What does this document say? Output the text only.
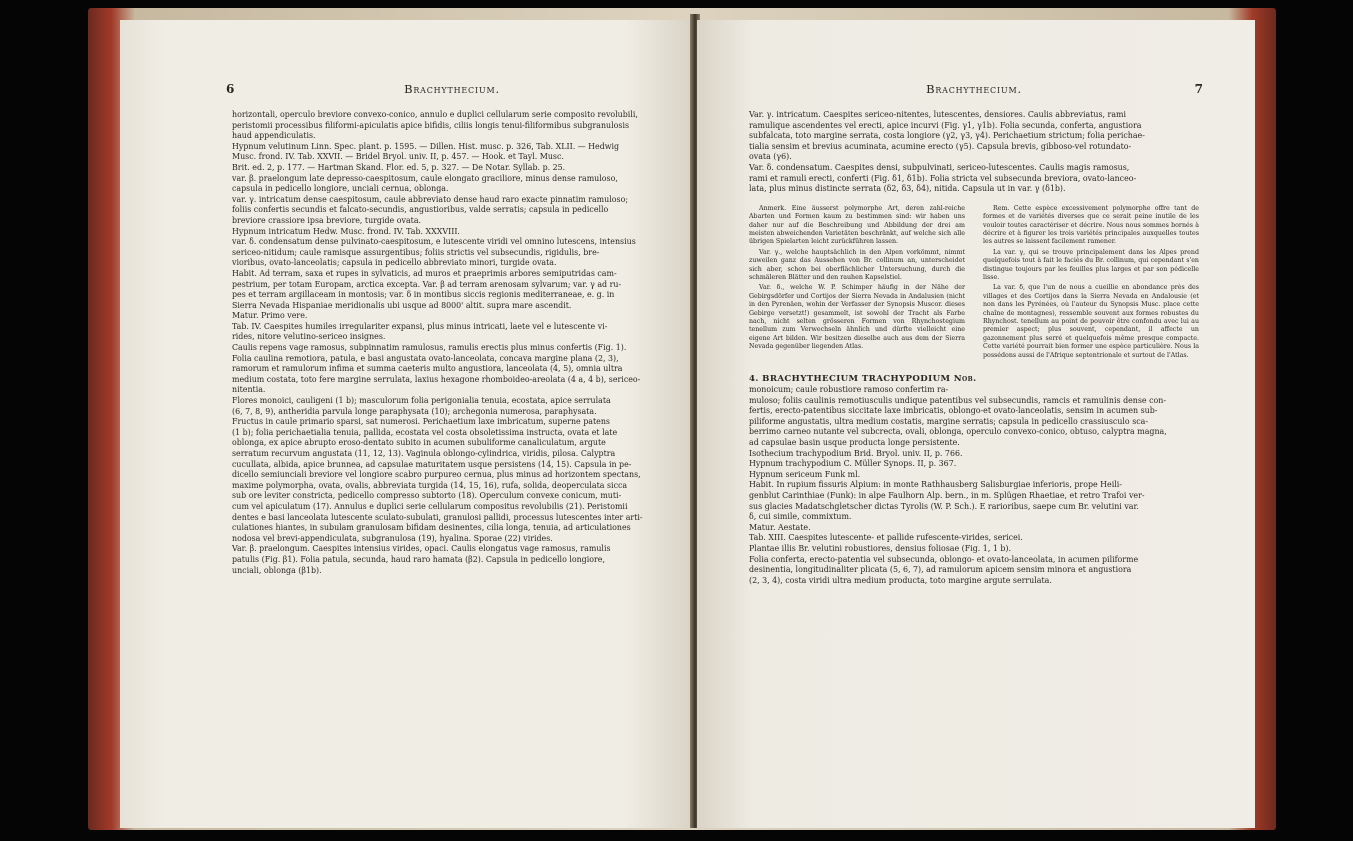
6	Brachythecium.

horizontali, operculo breviore convexo-conico, annulo e duplici cellularum serie composito revolubili,

peristomii processibus filiformi-apiculatis apice bifidis, ciliis longis tenui-filiformibus subgranulosis

haud appendiculatis.

Hypnum velutinum Linn. Spec. plant. p. 1595. — Dillen. Hist. musc. p. 326, Tab. XLII. — Hedwig

Musc. frond. IV. Tab. XXVII. — Bridel Bryol. univ. II, p. 457. — Hook. et Tayl. Musc.

Brit. ed. 2, p. 177. — Hartman Skand. Flor. ed. 5, p. 327. — De Notar. Syllab. p. 25.

var. β. praelongum late depresso-caespitosum, caule elongato graciliore, minus dense ramuloso,

capsula in pedicello longiore, unciali cernua, oblonga.

var. γ. intricatum dense caespitosum, caule abbreviato dense haud raro exacte pinnatim ramuloso;

foliis confertis secundis et falcato-secundis, angustioribus, valde serratis; capsula in pedicello

breviore crassiore ipsa breviore, turgide ovata.

Hypnum intricatum Hedw. Musc. frond. IV. Tab. XXXVIII.

var. δ. condensatum dense pulvinato-caespitosum, e lutescente viridi vel omnino lutescens, intensius

sericeo-nitidum; caule ramisque assurgentibus; foliis strictis vel subsecundis, rigidulis, bre-

vioribus, ovato-lanceolatis; capsula in pedicello abbreviato minori, turgide ovata.

Habit. Ad terram, saxa et rupes in sylvaticis, ad muros et praeprimis arbores semiputridas cam-

pestrium, per totam Europam, arctica excepta. Var. β ad terram arenosam sylvarum; var. γ ad ru-

pes et terram argillaceam in montosis; var. δ in montibus siccis regionis mediterraneae, e. g. in

Sierra Nevada Hispaniae meridionalis ubi usque ad 8000' altit. supra mare ascendit.

Matur. Primo vere.

Tab. IV. Caespites humiles irregulariter expansi, plus minus intricati, laete vel e lutescente vi-

rides, nitore velutino-sericeo insignes.

Caulis repens vage ramosus, subpinnatim ramulosus, ramulis erectis plus minus confertis (Fig. 1).

Folia caulina remotiora, patula, e basi angustata ovato-lanceolata, concava margine plana (2, 3),

ramorum et ramulorum infima et summa caeteris multo angustiora, lanceolata (4, 5), omnia ultra

medium costata, toto fere margine serrulata, laxius hexagone rhomboideo-areolata (4 a, 4 b), sericeo-

nitentia.

Flores monoici, cauligeni (1 b); masculorum folia perigonialia tenuia, ecostata, apice serrulata

(6, 7, 8, 9), antheridia parvula longe paraphysata (10); archegonia numerosa, paraphysata.

Fructus in caule primario sparsi, sat numerosi. Perichaetium laxe imbricatum, superne patens

(1 b); folia perichaetialia tenuia, pallida, ecostata vel costa obsoletissima instructa, ovata et late

oblonga, ex apice abrupto eroso-dentato subito in acumen subuliforme canaliculatum, argute

serratum recurvum angustata (11, 12, 13). Vaginula oblongo-cylindrica, viridis, pilosa. Calyptra

cucullata, albida, apice brunnea, ad capsulae maturitatem usque persistens (14, 15). Capsula in pe-

dicello semiunciali breviore vel longiore scabro purpureo cernua, plus minus ad horizontem spectans,

maxime polymorpha, ovata, ovalis, abbreviata turgida (14, 15, 16), rufa, solida, deoperculata sicca

sub ore leviter constricta, pedicello compresso subtorto (18). Operculum convexe conicum, muti-

cum vel apiculatum (17). Annulus e duplici serie cellularum compositus revolubilis (21). Peristomii

dentes e basi lanceolata lutescente sculato-subulati, granulosi pallidi, processus lutescentes inter arti-

culationes hiantes, in subulam granulosam bifidam desinentes, cilia longa, tenuia, ad articulationes

nodosa vel brevi-appendiculata, subgranulosa (19), hyalina. Sporae (22) virides.

Var. β. praelongum. Caespites intensius virides, opaci. Caulis elongatus vage ramosus, ramulis

patulis (Fig. β1). Folia patula, secunda, haud raro hamata (β2). Capsula in pedicello longiore,

unciali, oblonga (β1b).

Brachythecium.	7

Var. γ. intricatum. Caespites sericeo-nitentes, lutescentes, densiores. Caulis abbreviatus, rami

ramulique ascendentes vel erecti, apice incurvi (Fig. γ1, γ1b). Folia secunda, conferta, angustiora

subfalcata, toto margine serrata, costa longiore (γ2, γ3, γ4). Perichaetium strictum; folia perichae-

tialia sensim et brevius acuminata, acumine erecto (γ5). Capsula brevis, gibboso-vel rotundato-

ovata (γ6).

Var. δ. condensatum. Caespites densi, subpulvinati, sericeo-lutescentes. Caulis magis ramosus,

rami et ramuli erecti, conferti (Fig. δ1, δ1b). Folia stricta vel subsecunda breviora, ovato-lanceo-

lata, plus minus distincte serrata (δ2, δ3, δ4), nitida. Capsula ut in var. γ (δ1b).

Anmerk. Eine äusserst polymorphe Art, deren zahl-reiche Abarten und Formen kaum zu bestimmen sind: wir haben uns daher nur auf die Beschreibung und Abbildung der drei am meisten abweichenden Varietäten beschränkt, auf welche sich alle übrigen Spielarten leicht zurückführen lassen.

Var. γ., welche hauptsächlich in den Alpen vorkömmt, nimmt zuweilen ganz das Aussehen von Br. collinum an, unterscheidet sich aber, schon bei oberflächlicher Untersuchung, durch die schmäleren Blätter und den rauhen Kapselstiel.

Var. δ., welche W. P. Schimper häufig in der Nähe der Gebirgsdörfer und Cortijos der Sierra Nevada in Andalusien (nicht in den Pyrenäen, wohin der Verfasser der Synopsis Muscor. dieses Gebirge versetzt!) gesammelt, ist sowohl der Tracht als Farbe nach, nicht selten grösseren Formen von Rhynchostegium tenellum zum Verwechseln ähnlich und dürfte vielleicht eine eigene Art bilden. Wir besitzen dieselbe auch aus dem der Sierra Nevada gegenüber liegenden Atlas.

Rem. Cette espèce excessivement polymorphe offre tant de formes et de variétés diverses que ce serait peine inutile de les vouloir toutes caractériser et décrire. Nous nous sommes bornés à décrire et à figurer les trois variétés principales auxquelles toutes les autres se laissent facilement ramener.

La var. γ, qui se trouve principalement dans les Alpes prend quelquefois tout à fait le faciès du Br. collinum, qui cependant s'en distingue toujours par les feuilles plus larges et par son pédicelle lisse.

La var. δ, que l'un de nous a cueillie en abondance près des villages et des Cortijos dans la Sierra Nevada en Andalousie (et non dans les Pyrénées, où l'auteur du Synopsis Musc. place cette chaîne de montagnes), ressemble souvent aux formes robustes du Rhynchost. tenellum au point de pouvoir être confondu avec lui au premier aspect; plus souvent, cependant, il affecte un gazonnement plus serré et quelquefois même presque compacte. Cette variété pourrait bien former une espèce particulière. Nous la possédons aussi de l'Afrique septentrionale et surtout de l'Atlas.

4. BRACHYTHECIUM TRACHYPODIUM Nob.

monoicum; caule robustiore ramoso confertim ra-

muloso; foliis caulinis remotiusculis undique patentibus vel subsecundis, ramcis et ramulinis dense con-

fertis, erecto-patentibus siccitate laxe imbricatis, oblongo-et ovato-lanceolatis, sensim in acumen sub-

piliforme angustatis, ultra medium costatis, margine serratis; capsula in pedicello crassiusculo sca-

berrimo carneo nutante vel subcrecta, ovali, oblonga, operculo convexo-conico, obtuso, calyptra magna,

ad capsulae basin usque producta longe persistente.

Isothecium trachypodium Brid. Bryol. univ. II, p. 766.

Hypnum trachypodium C. Müller Synops. II, p. 367.

Hypnum sericeum Funk ml.

Habit. In rupium fissuris Alpium: in monte Rathhausberg Salisburgiae inferioris, prope Heili-

genblut Carinthiae (Funk): in alpe Faulhorn Alp. bern., in m. Splügen Rhaetiae, et retro Trafoi ver-

sus glacies Madatschgletscher dictas Tyrolis (W. P. Sch.). E rarioribus, saepe cum Br. velutini var.

δ, cui simile, commixtum.

Matur. Aestate.

Tab. XIII. Caespites lutescente- et pallide rufescente-virides, sericei.

Plantae illis Br. velutini robustiores, densius foliosae (Fig. 1, 1 b).

Folia conferta, erecto-patentia vel subsecunda, oblongo- et ovato-lanceolata, in acumen piliforme

desinentia, longitudinaliter plicata (5, 6, 7), ad ramulorum apicem sensim minora et angustiora

(2, 3, 4), costa viridi ultra medium producta, toto margine argute serrulata.
